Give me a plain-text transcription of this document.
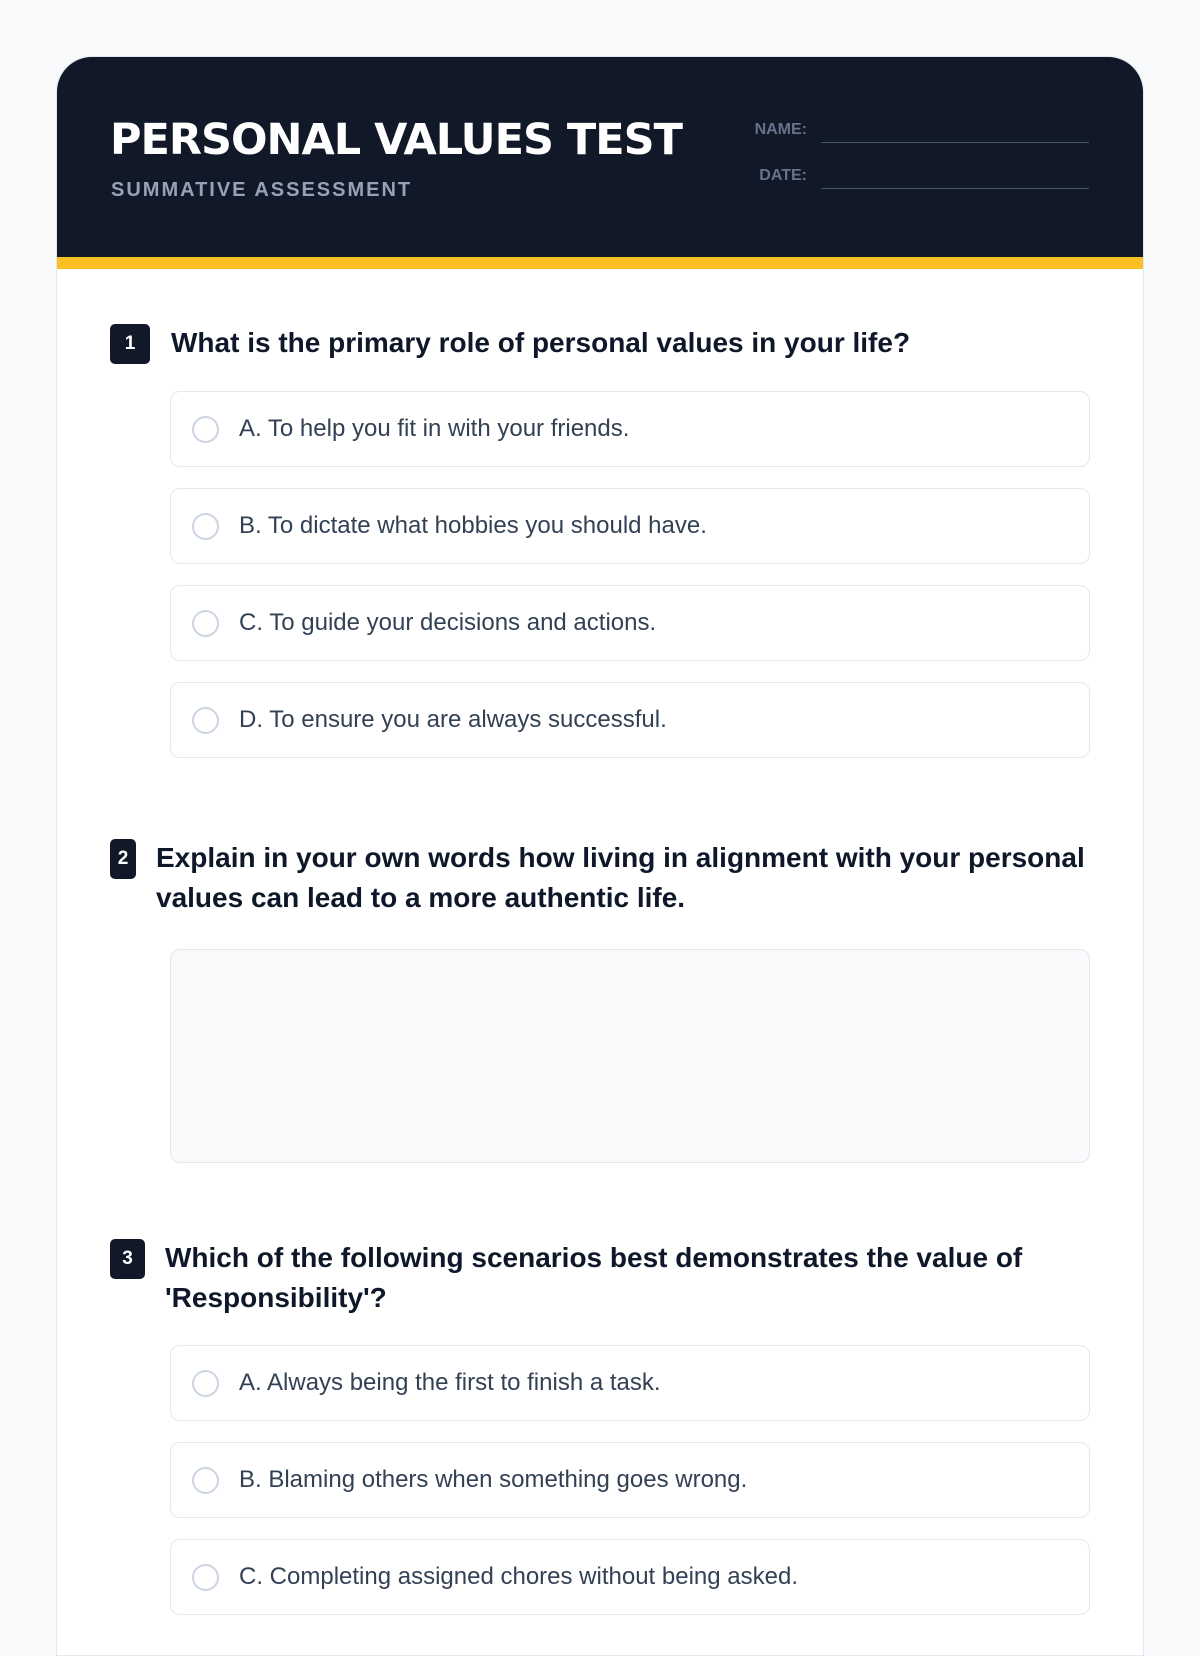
PERSONAL VALUES TEST
SUMMATIVE ASSESSMENT
NAME:
DATE:
1	What is the primary role of personal values in your life?
A. To help you fit in with your friends.
B. To dictate what hobbies you should have.
C. To guide your decisions and actions.
D. To ensure you are always successful.
2 Explain in your own words how living in alignment with your personal values can lead to a more authentic life.
3	Which of the following scenarios best demonstrates the value of 'Responsibility'?
A. Always being the first to finish a task.
B. Blaming others when something goes wrong.
C. Completing assigned chores without being asked.
